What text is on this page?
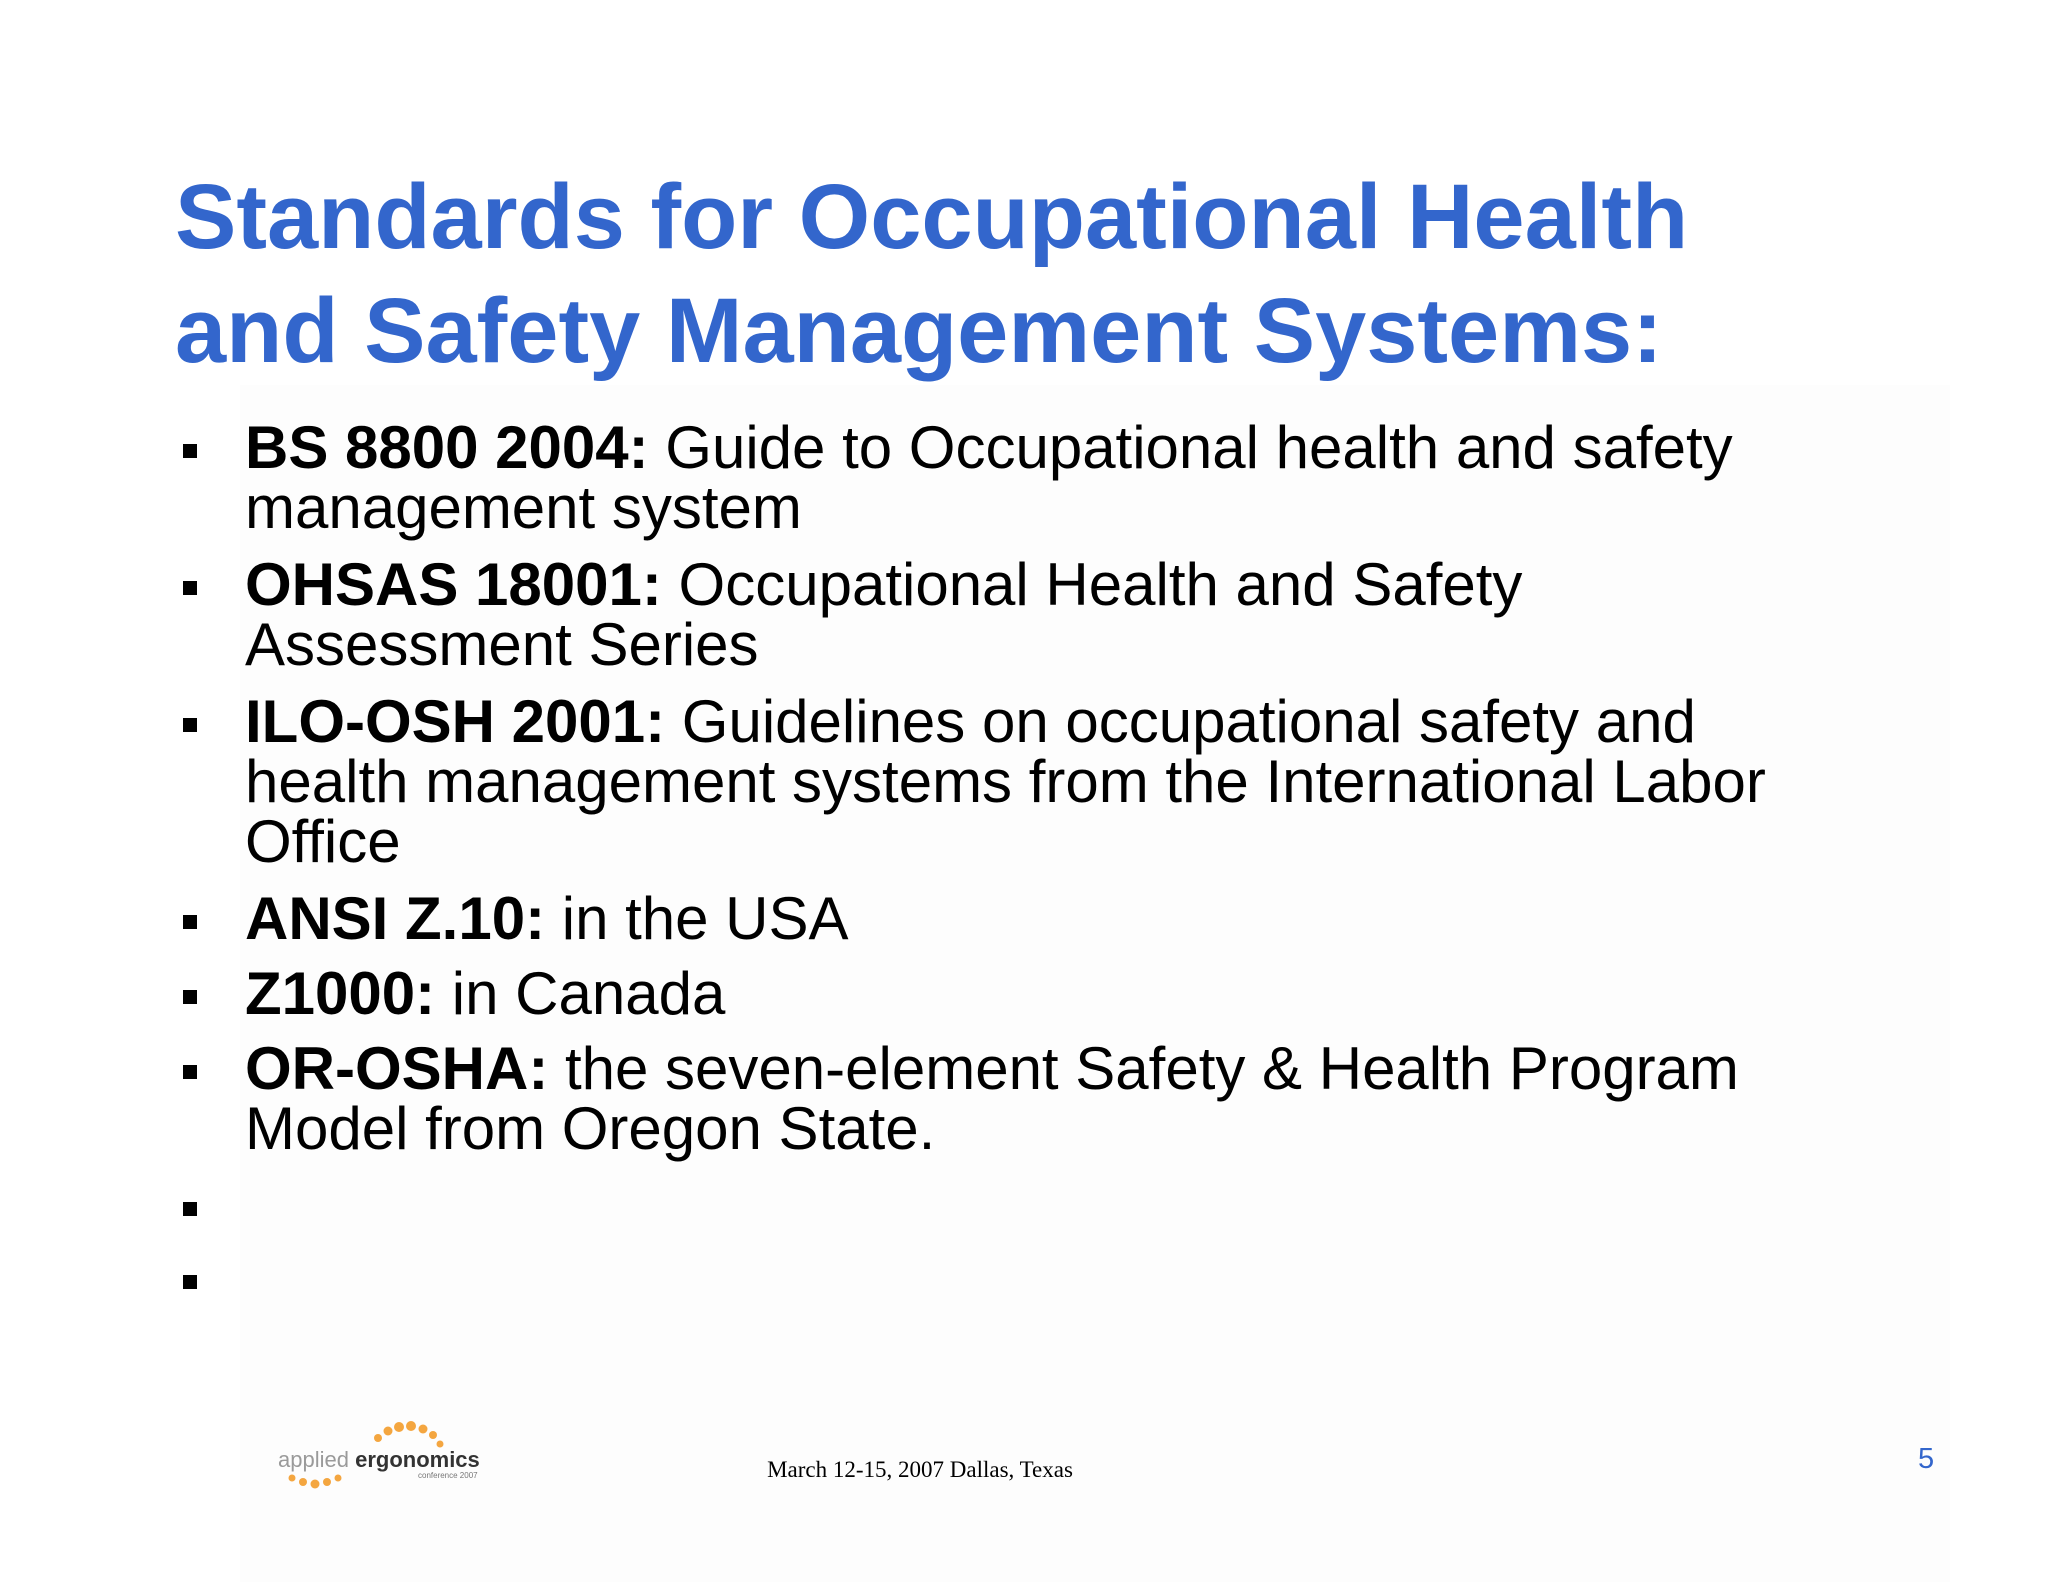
Standards for Occupational Health
and Safety Management Systems:
BS 8800 2004: Guide to Occupational health and safety management system
OHSAS 18001: Occupational Health and Safety Assessment Series
ILO-OSH 2001: Guidelines on occupational safety and health management systems from the International Labor Office
ANSI Z.10: in the USA
Z1000: in Canada
OR-OSHA: the seven-element Safety & Health Program Model from Oregon State.
applied ergonomics
conference 2007	March 12-15, 2007 Dallas, Texas	5
